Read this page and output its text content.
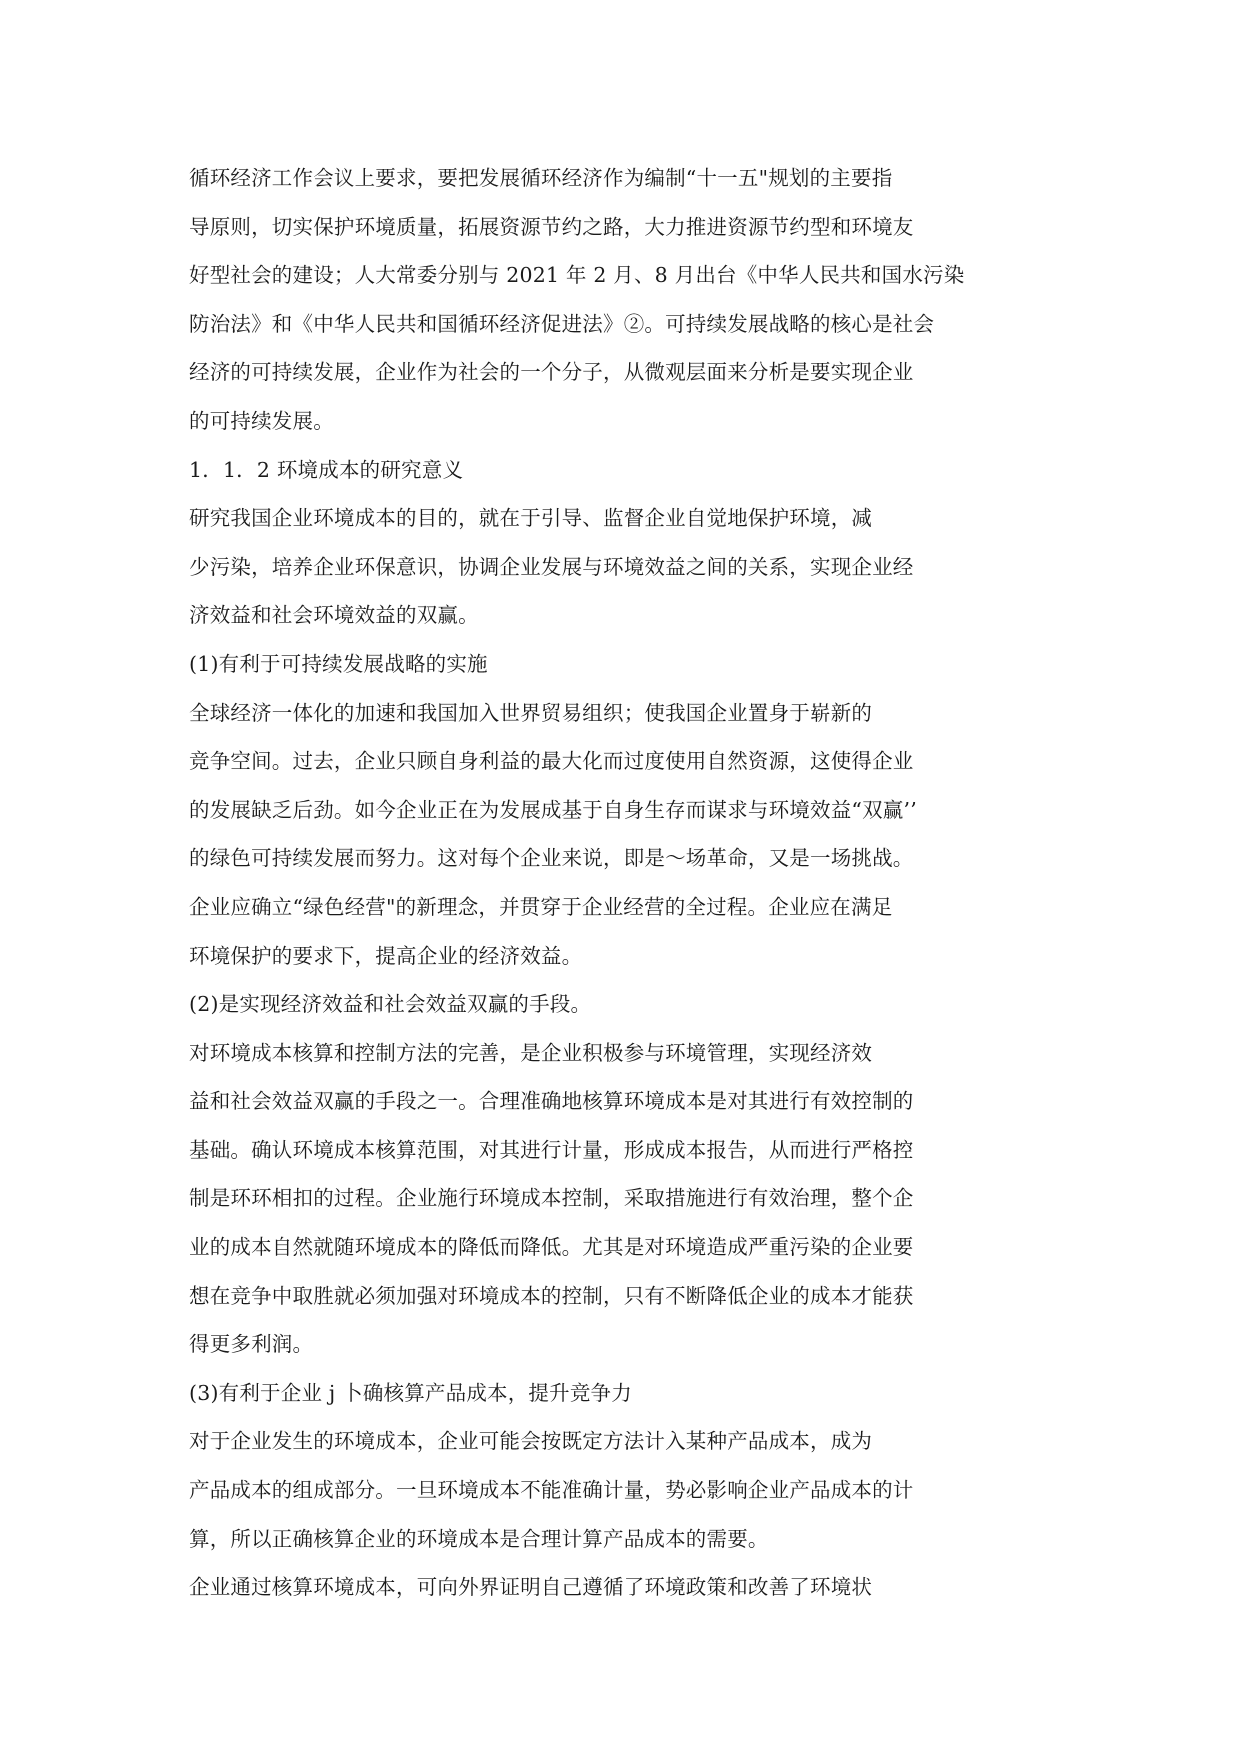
循环经济工作会议上要求，要把发展循环经济作为编制“十一五"规划的主要指
导原则，切实保护环境质量，拓展资源节约之路，大力推进资源节约型和环境友
好型社会的建设；人大常委分别与 2021 年 2 月、8 月出台《中华人民共和国水污染
防治法》和《中华人民共和国循环经济促进法》②。可持续发展战略的核心是社会
经济的可持续发展，企业作为社会的一个分子，从微观层面来分析是要实现企业
的可持续发展。
1．1．2 环境成本的研究意义
研究我国企业环境成本的目的，就在于引导、监督企业自觉地保护环境，减
少污染，培养企业环保意识，协调企业发展与环境效益之间的关系，实现企业经
济效益和社会环境效益的双赢。
(1)有利于可持续发展战略的实施
全球经济一体化的加速和我国加入世界贸易组织；使我国企业置身于崭新的
竞争空间。过去，企业只顾自身利益的最大化而过度使用自然资源，这使得企业
的发展缺乏后劲。如今企业正在为发展成基于自身生存而谋求与环境效益“双赢’’
的绿色可持续发展而努力。这对每个企业来说，即是～场革命，又是一场挑战。
企业应确立“绿色经营"的新理念，并贯穿于企业经营的全过程。企业应在满足
环境保护的要求下，提高企业的经济效益。
(2)是实现经济效益和社会效益双赢的手段。
对环境成本核算和控制方法的完善，是企业积极参与环境管理，实现经济效
益和社会效益双赢的手段之一。合理准确地核算环境成本是对其进行有效控制的
基础。确认环境成本核算范围，对其进行计量，形成成本报告，从而进行严格控
制是环环相扣的过程。企业施行环境成本控制，采取措施进行有效治理，整个企
业的成本自然就随环境成本的降低而降低。尤其是对环境造成严重污染的企业要
想在竞争中取胜就必须加强对环境成本的控制，只有不断降低企业的成本才能获
得更多利润。
(3)有利于企业 j 卜确核算产品成本，提升竞争力
对于企业发生的环境成本，企业可能会按既定方法计入某种产品成本，成为
产品成本的组成部分。一旦环境成本不能准确计量，势必影响企业产品成本的计
算，所以正确核算企业的环境成本是合理计算产品成本的需要。
企业通过核算环境成本，可向外界证明自己遵循了环境政策和改善了环境状
